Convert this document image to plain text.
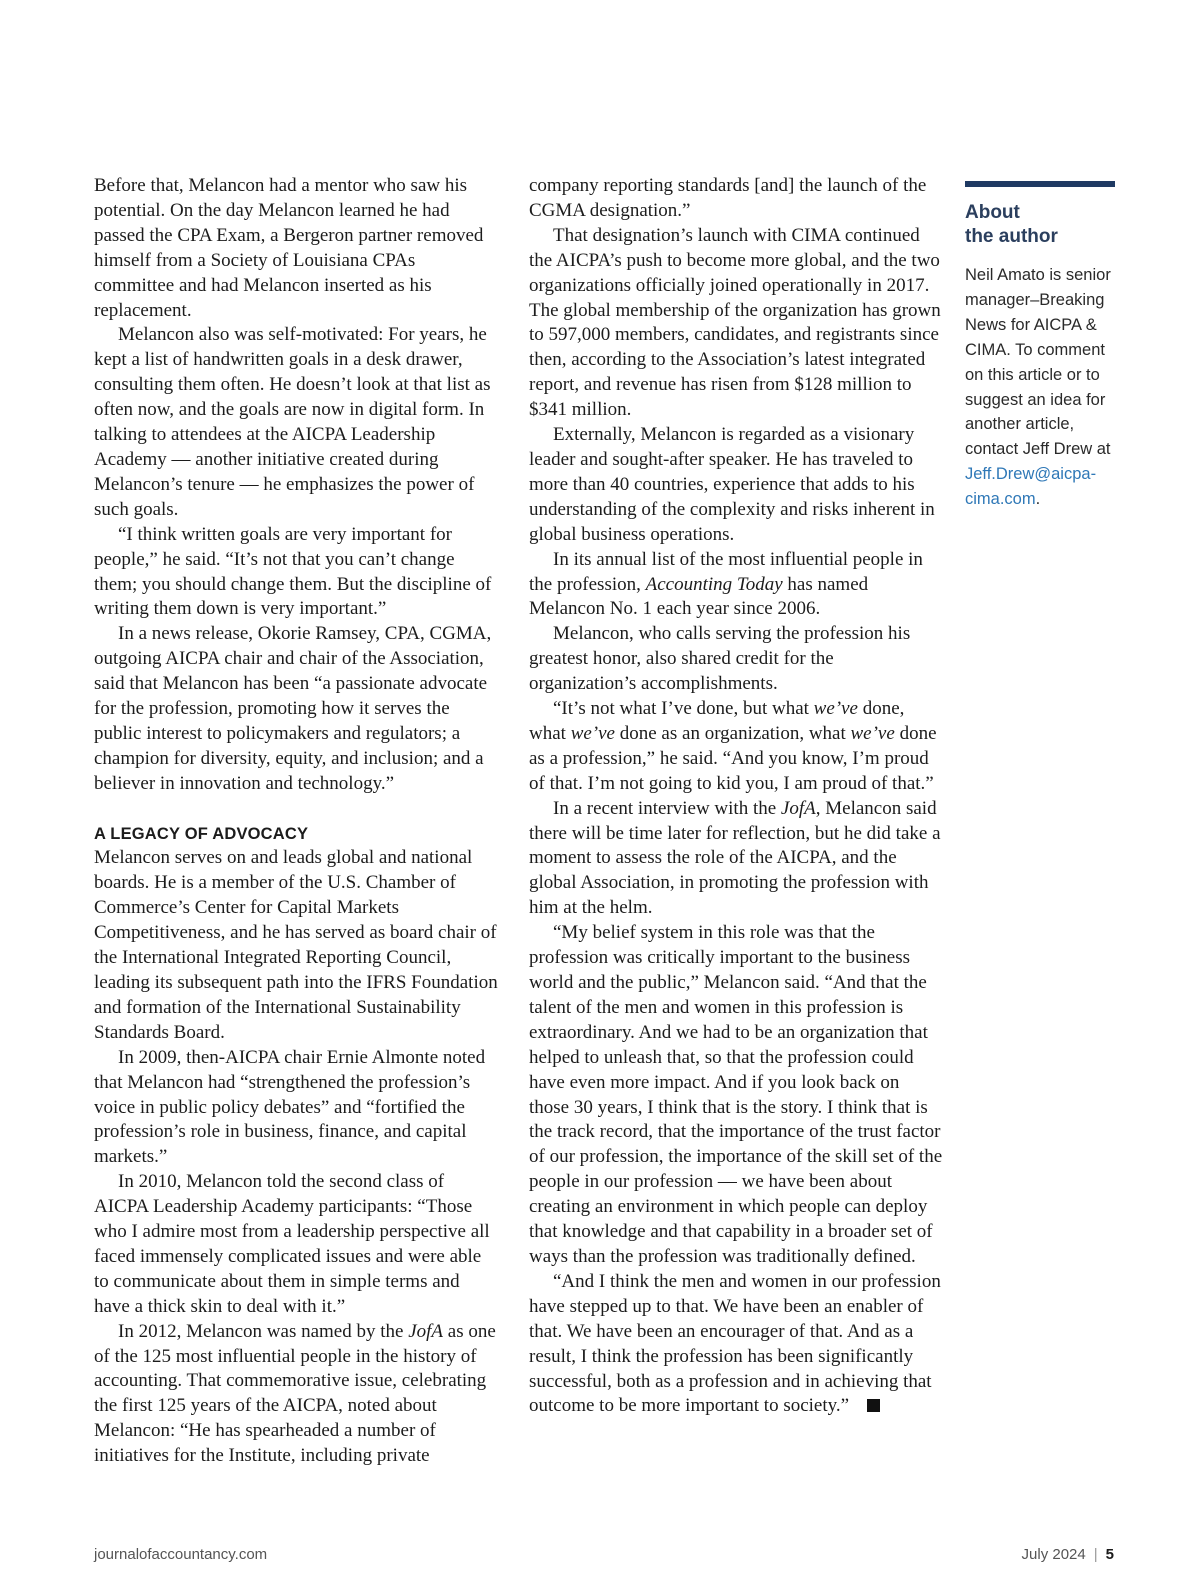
Before that, Melancon had a mentor who saw his potential. On the day Melancon learned he had passed the CPA Exam, a Bergeron partner removed himself from a Society of Louisiana CPAs committee and had Melancon inserted as his replacement.

Melancon also was self-motivated: For years, he kept a list of handwritten goals in a desk drawer, consulting them often. He doesn’t look at that list as often now, and the goals are now in digital form. In talking to attendees at the AICPA Leadership Academy — another initiative created during Melancon’s tenure — he emphasizes the power of such goals.

“I think written goals are very important for people,” he said. “It’s not that you can’t change them; you should change them. But the discipline of writing them down is very important.”

In a news release, Okorie Ramsey, CPA, CGMA, outgoing AICPA chair and chair of the Association, said that Melancon has been “a passionate advocate for the profession, promoting how it serves the public interest to policymakers and regulators; a champion for diversity, equity, and inclusion; and a believer in innovation and technology.”

A LEGACY OF ADVOCACY

Melancon serves on and leads global and national boards. He is a member of the U.S. Chamber of Commerce’s Center for Capital Markets Competitiveness, and he has served as board chair of the International Integrated Reporting Council, leading its subsequent path into the IFRS Foundation and formation of the International Sustainability Standards Board.

In 2009, then-AICPA chair Ernie Almonte noted that Melancon had “strengthened the profession’s voice in public policy debates” and “fortified the profession’s role in business, finance, and capital markets.”

In 2010, Melancon told the second class of AICPA Leadership Academy participants: “Those who I admire most from a leadership perspective all faced immensely complicated issues and were able to communicate about them in simple terms and have a thick skin to deal with it.”

In 2012, Melancon was named by the JofA as one of the 125 most influential people in the history of accounting. That commemorative issue, celebrating the first 125 years of the AICPA, noted about Melancon: “He has spearheaded a number of initiatives for the Institute, including private

company reporting standards [and] the launch of the CGMA designation.”

That designation’s launch with CIMA continued the AICPA’s push to become more global, and the two organizations officially joined operationally in 2017. The global membership of the organization has grown to 597,000 members, candidates, and registrants since then, according to the Association’s latest integrated report, and revenue has risen from $128 million to $341 million.

Externally, Melancon is regarded as a visionary leader and sought-after speaker. He has traveled to more than 40 countries, experience that adds to his understanding of the complexity and risks inherent in global business operations.

In its annual list of the most influential people in the profession, Accounting Today has named Melancon No. 1 each year since 2006.

Melancon, who calls serving the profession his greatest honor, also shared credit for the organization’s accomplishments.

“It’s not what I’ve done, but what we’ve done, what we’ve done as an organization, what we’ve done as a profession,” he said. “And you know, I’m proud of that. I’m not going to kid you, I am proud of that.”

In a recent interview with the JofA, Melancon said there will be time later for reflection, but he did take a moment to assess the role of the AICPA, and the global Association, in promoting the profession with him at the helm.

“My belief system in this role was that the profession was critically important to the business world and the public,” Melancon said. “And that the talent of the men and women in this profession is extraordinary. And we had to be an organization that helped to unleash that, so that the profession could have even more impact. And if you look back on those 30 years, I think that is the story. I think that is the track record, that the importance of the trust factor of our profession, the importance of the skill set of the people in our profession — we have been about creating an environment in which people can deploy that knowledge and that capability in a broader set of ways than the profession was traditionally defined.

“And I think the men and women in our profession have stepped up to that. We have been an enabler of that. We have been an encourager of that. And as a result, I think the profession has been significantly successful, both as a profession and in achieving that outcome to be more important to society.”

About
the author

Neil Amato is senior manager–Breaking News for AICPA & CIMA. To comment on this article or to suggest an idea for another article, contact Jeff Drew at Jeff.Drew@aicpa-cima.com.

journalofaccountancy.com	July 2024 | 5
